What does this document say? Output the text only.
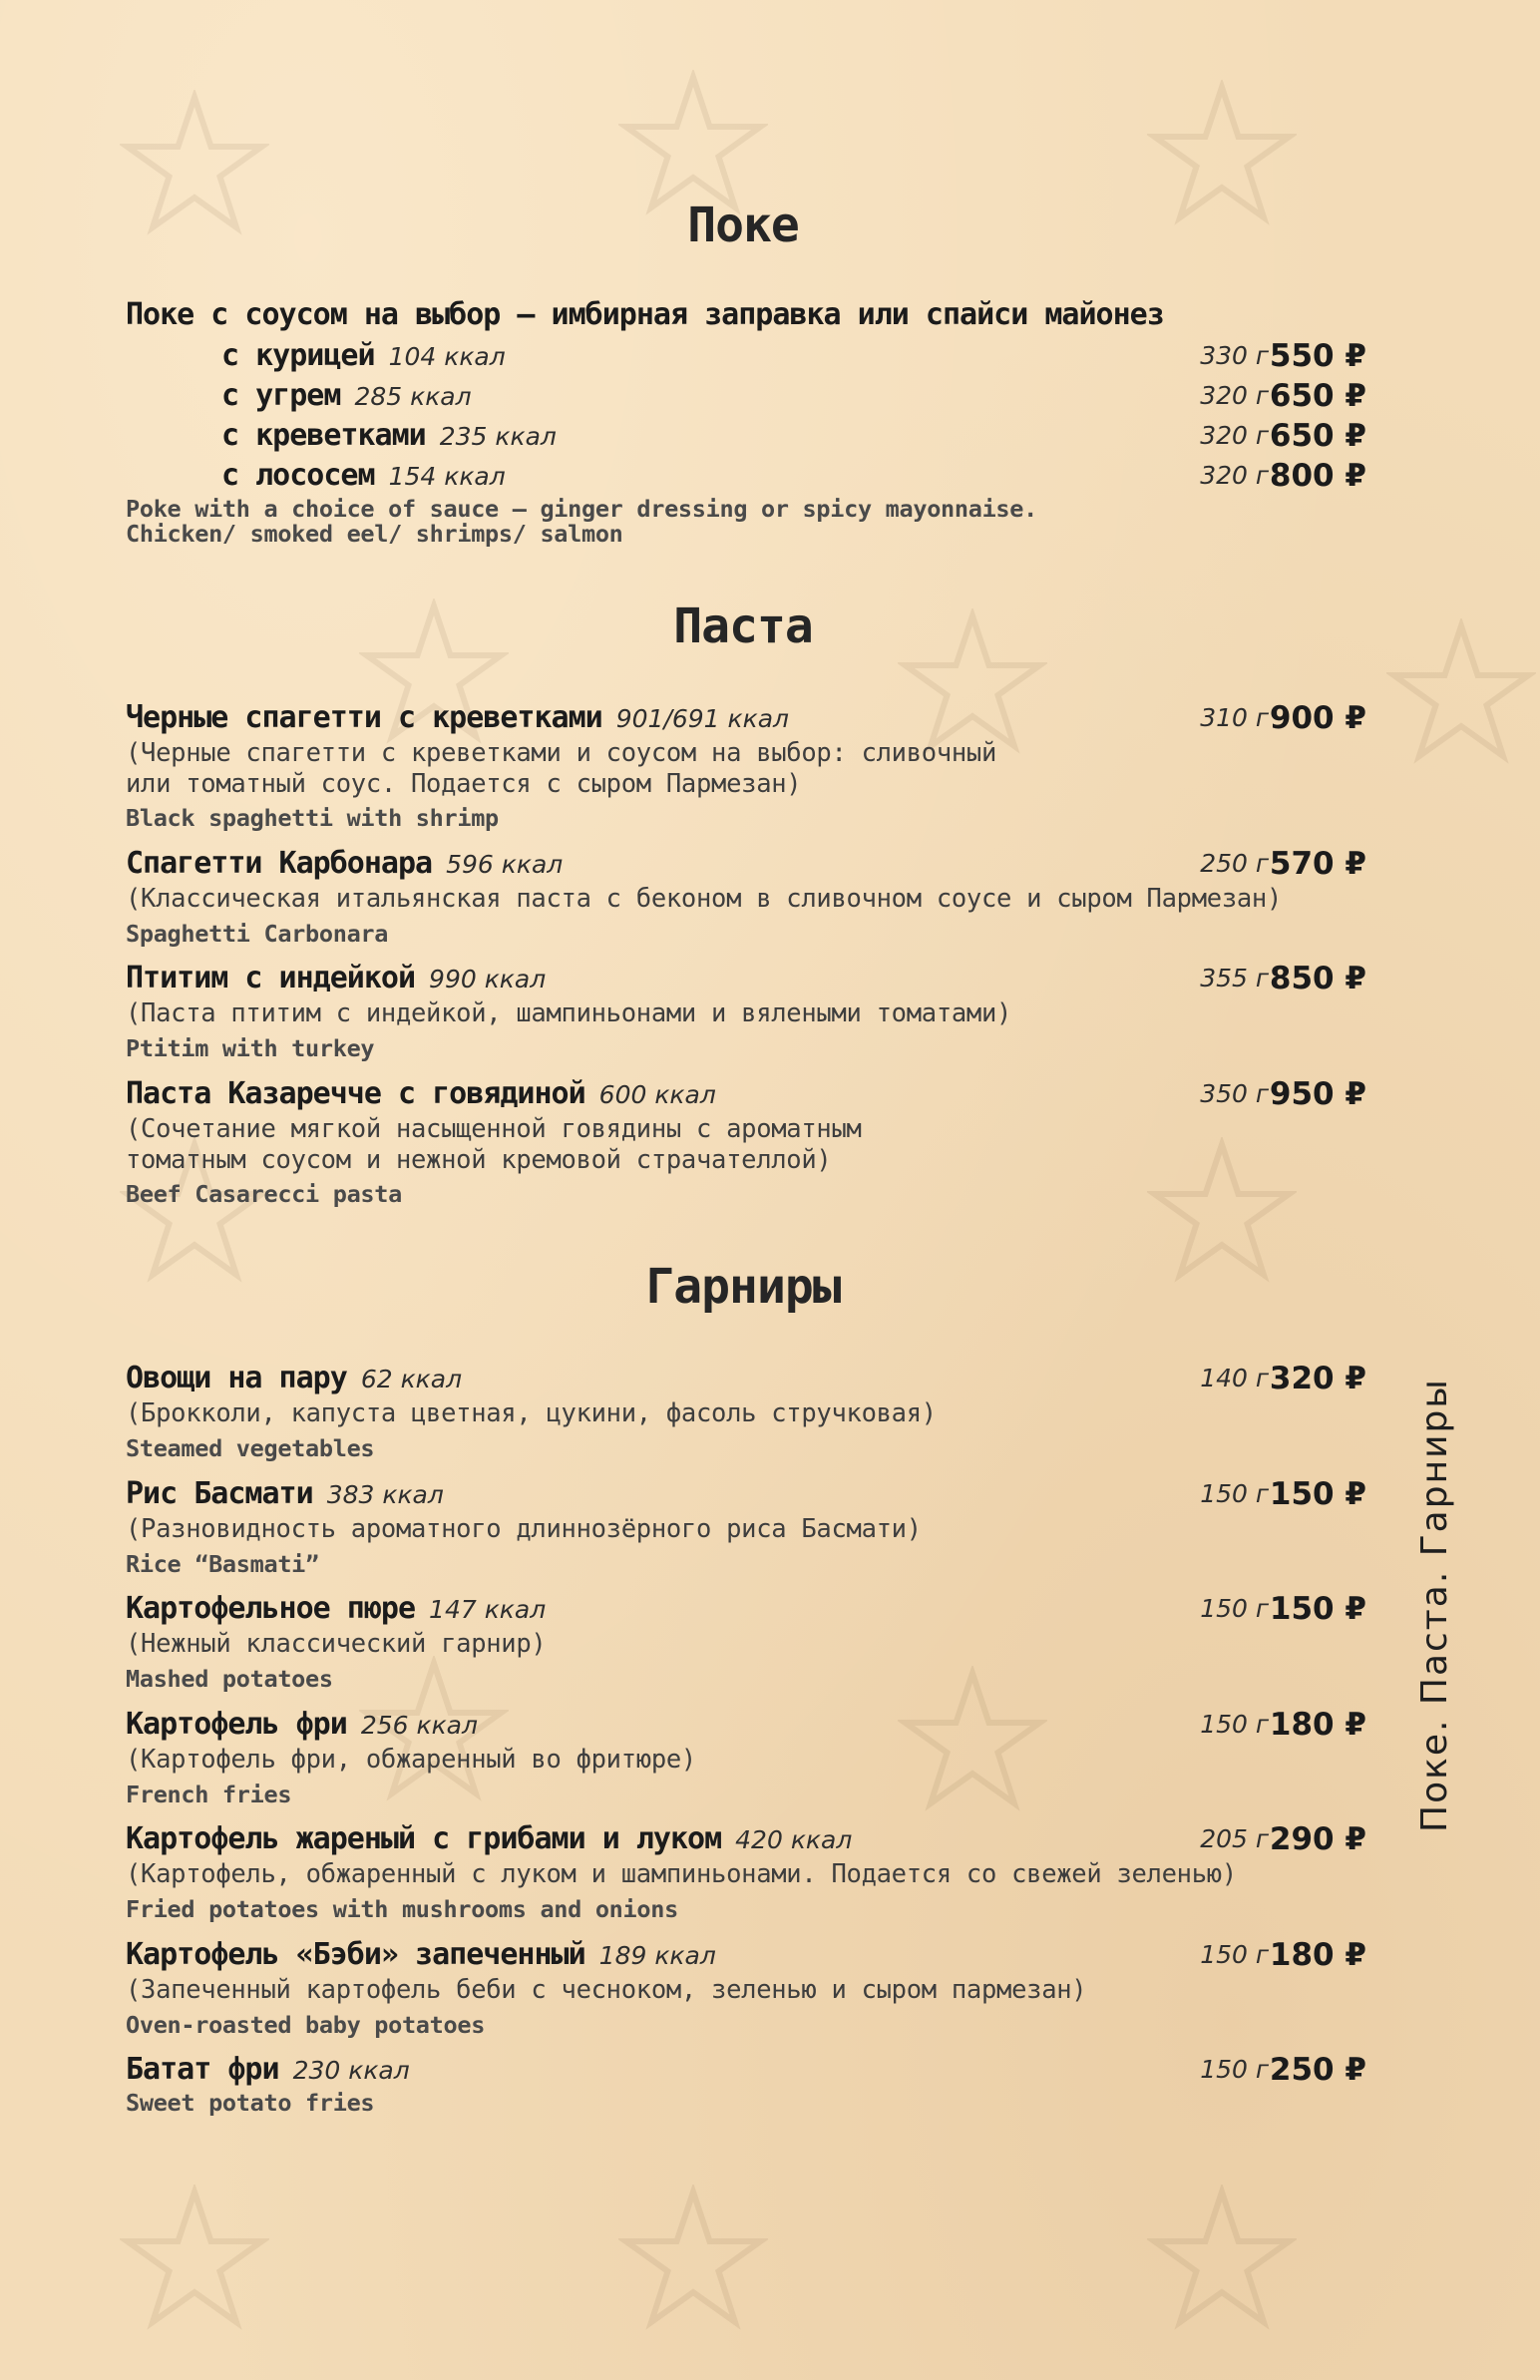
Поке
Поке с соусом на выбор — имбирная заправка или спайси майонез
с курицей 104 ккал	330 г 550 ₽
с угрем 285 ккал	320 г 650 ₽
с креветками 235 ккал	320 г 650 ₽
с лососем 154 ккал	320 г 800 ₽
Poke with a choice of sauce — ginger dressing or spicy mayonnaise.
Chicken/ smoked eel/ shrimps/ salmon
Паста
Черные спагетти с креветками 901/691 ккал	310 г 900 ₽
(Черные спагетти с креветками и соусом на выбор: сливочный
или томатный соус. Подается с сыром Пармезан)
Black spaghetti with shrimp
Спагетти Карбонара 596 ккал	250 г 570 ₽
(Классическая итальянская паста с беконом в сливочном соусе и сыром Пармезан)
Spaghetti Carbonara
Птитим с индейкой 990 ккал	355 г 850 ₽
(Паста птитим с индейкой, шампиньонами и вялеными томатами)
Ptitim with turkey
Паста Казаречче с говядиной 600 ккал	350 г 950 ₽
(Сочетание мягкой насыщенной говядины с ароматным
томатным соусом и нежной кремовой страчателлой)
Beef Casarecci pasta
Гарниры
Овощи на пару 62 ккал	140 г 320 ₽
(Брокколи, капуста цветная, цукини, фасоль стручковая)
Steamed vegetables
Рис Басмати 383 ккал	150 г 150 ₽
(Разновидность ароматного длиннозёрного риса Басмати)
Rice “Basmati”
Картофельное пюре 147 ккал	150 г 150 ₽
(Нежный классический гарнир)
Mashed potatoes
Картофель фри 256 ккал	150 г 180 ₽
(Картофель фри, обжаренный во фритюре)
French fries
Картофель жареный с грибами и луком 420 ккал	205 г 290 ₽
(Картофель, обжаренный с луком и шампиньонами. Подается со свежей зеленью)
Fried potatoes with mushrooms and onions
Картофель «Бэби» запеченный 189 ккал	150 г 180 ₽
(Запеченный картофель беби с чесноком, зеленью и сыром пармезан)
Oven-roasted baby potatoes
Батат фри 230 ккал	150 г 250 ₽
Sweet potato fries
Поке. Паста. Гарниры
